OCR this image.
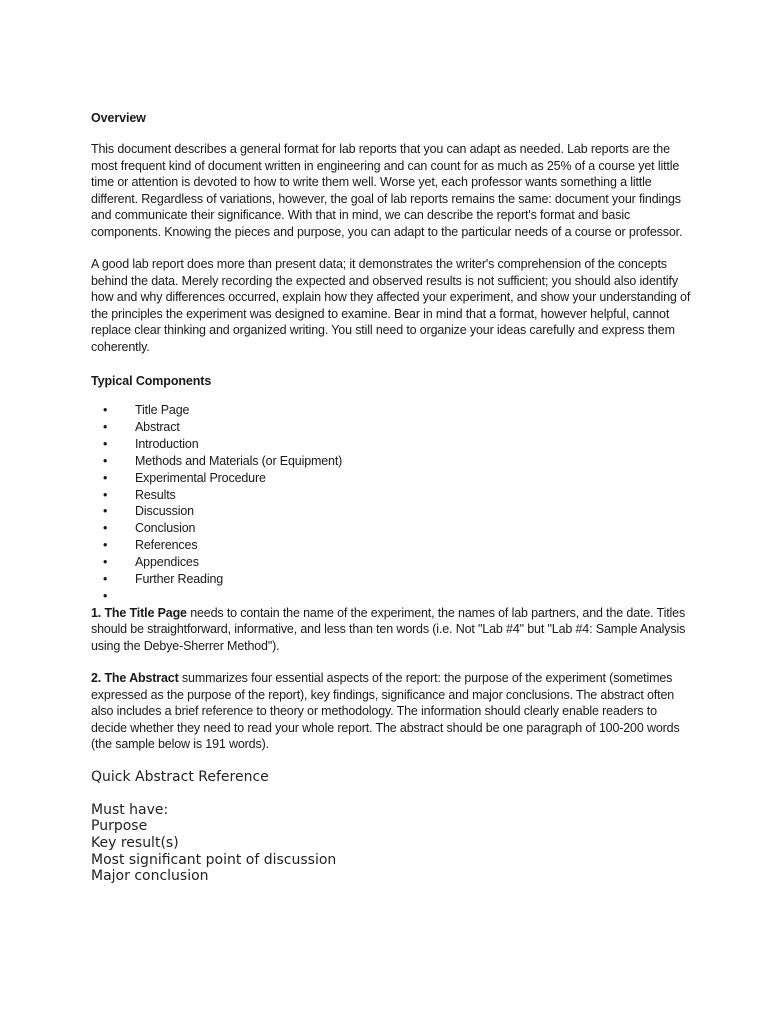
Overview

This document describes a general format for lab reports that you can adapt as needed. Lab reports are the most frequent kind of document written in engineering and can count for as much as 25% of a course yet little time or attention is devoted to how to write them well. Worse yet, each professor wants something a little different. Regardless of variations, however, the goal of lab reports remains the same: document your findings and communicate their significance. With that in mind, we can describe the report's format and basic components. Knowing the pieces and purpose, you can adapt to the particular needs of a course or professor.

A good lab report does more than present data; it demonstrates the writer's comprehension of the concepts behind the data. Merely recording the expected and observed results is not sufficient; you should also identify how and why differences occurred, explain how they affected your experiment, and show your understanding of the principles the experiment was designed to examine. Bear in mind that a format, however helpful, cannot replace clear thinking and organized writing. You still need to organize your ideas carefully and express them coherently.

Typical Components
• Title Page
• Abstract
• Introduction
• Methods and Materials (or Equipment)
• Experimental Procedure
• Results
• Discussion
• Conclusion
• References
• Appendices
• Further Reading
•

1. The Title Page needs to contain the name of the experiment, the names of lab partners, and the date. Titles should be straightforward, informative, and less than ten words (i.e. Not "Lab #4" but "Lab #4: Sample Analysis using the Debye-Sherrer Method").

2. The Abstract summarizes four essential aspects of the report: the purpose of the experiment (sometimes expressed as the purpose of the report), key findings, significance and major conclusions. The abstract often also includes a brief reference to theory or methodology. The information should clearly enable readers to decide whether they need to read your whole report. The abstract should be one paragraph of 100-200 words (the sample below is 191 words).

Quick Abstract Reference
Must have:
Purpose
Key result(s)
Most significant point of discussion
Major conclusion
